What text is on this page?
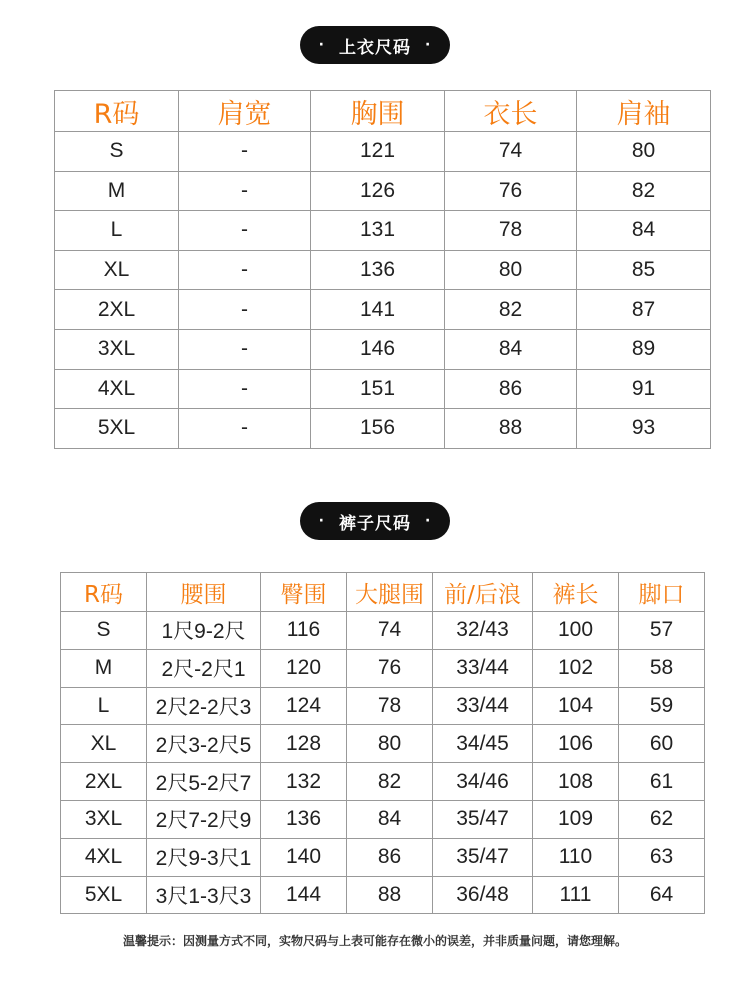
· 上衣尺码 ·
R码	肩宽	胸围	衣长	肩袖
S	-	121	74	80
M	-	126	76	82
L	-	131	78	84
XL	-	136	80	85
2XL	-	141	82	87
3XL	-	146	84	89
4XL	-	151	86	91
5XL	-	156	88	93
· 裤子尺码 ·
R码	腰围	臀围	大腿围	前/后浪	裤长	脚口
S	1尺9-2尺	116	74	32/43	100	57
M	2尺-2尺1	120	76	33/44	102	58
L	2尺2-2尺3	124	78	33/44	104	59
XL	2尺3-2尺5	128	80	34/45	106	60
2XL	2尺5-2尺7	132	82	34/46	108	61
3XL	2尺7-2尺9	136	84	35/47	109	62
4XL	2尺9-3尺1	140	86	35/47	110	63
5XL	3尺1-3尺3	144	88	36/48	111	64
温馨提示：因测量方式不同，实物尺码与上表可能存在微小的误差，并非质量问题，请您理解。
